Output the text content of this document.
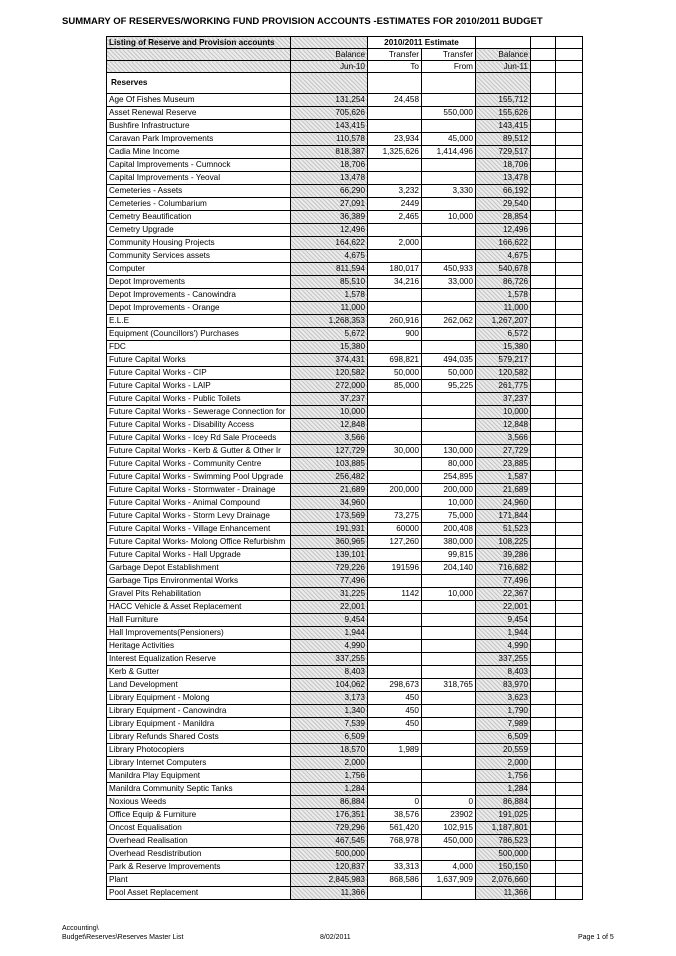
SUMMARY OF RESERVES/WORKING FUND PROVISION ACCOUNTS -ESTIMATES FOR 2010/2011 BUDGET
Listing of Reserve and Provision accounts		2010/2011 Estimate				
	Balance	Transfer	Transfer	Balance		
	Jun-10	To	From	Jun-11		
Reserves						
Age Of Fishes Museum	131,254	24,458		155,712		
Asset Renewal Reserve	705,626		550,000	155,626		
Bushfire Infrastructure	143,415			143,415		
Caravan Park Improvements	110,578	23,934	45,000	89,512		
Cadia Mine Income	818,387	1,325,626	1,414,496	729,517		
Capital Improvements - Cumnock	18,706			18,706		
Capital Improvements - Yeoval	13,478			13,478		
Cemeteries - Assets	66,290	3,232	3,330	66,192		
Cemeteries - Columbarium	27,091	2449		29,540		
Cemetry Beautification	36,389	2,465	10,000	28,854		
Cemetry Upgrade	12,496			12,496		
Community Housing Projects	164,622	2,000		166,622		
Community Services assets	4,675			4,675		
Computer	811,594	180,017	450,933	540,678		
Depot Improvements	85,510	34,216	33,000	86,726		
Depot Improvements - Canowindra	1,578			1,578		
Depot Improvements - Orange	11,000			11,000		
E.L.E	1,268,353	260,916	262,062	1,267,207		
Equipment (Councillors') Purchases	5,672	900		6,572		
FDC	15,380			15,380		
Future Capital Works	374,431	698,821	494,035	579,217		
Future Capital Works - CIP	120,582	50,000	50,000	120,582		
Future Capital Works - LAIP	272,000	85,000	95,225	261,775		
Future Capital Works - Public Toilets	37,237			37,237		
Future Capital Works - Sewerage Connection for	10,000			10,000		
Future Capital Works - Disability Access	12,848			12,848		
Future Capital Works - Icey Rd Sale Proceeds	3,566			3,566		
Future Capital Works - Kerb & Gutter & Other Ir	127,729	30,000	130,000	27,729		
Future Capital Works - Community Centre	103,885		80,000	23,885		
Future Capital Works - Swimming Pool Upgrade	256,482		254,895	1,587		
Future Capital Works - Stormwater - Drainage	21,689	200,000	200,000	21,689		
Future Capital Works - Animal Compound	34,960		10,000	24,960		
Future Capital Works - Storm Levy Drainage	173,569	73,275	75,000	171,844		
Future Capital Works - Village Enhancement	191,931	60000	200,408	51,523		
Future Capital Works- Molong Office Refurbishm	360,965	127,260	380,000	108,225		
Future Capital Works - Hall Upgrade	139,101		99,815	39,286		
Garbage Depot Establishment	729,226	191596	204,140	716,682		
Garbage Tips Environmental Works	77,496			77,496		
Gravel Pits Rehabilitation	31,225	1142	10,000	22,367		
HACC Vehicle & Asset Replacement	22,001			22,001		
Hall Furniture	9,454			9,454		
Hall Improvements(Pensioners)	1,944			1,944		
Heritage Activities	4,990			4,990		
Interest Equalization Reserve	337,255			337,255		
Kerb & Gutter	8,403			8,403		
Land Development	104,062	298,673	318,765	83,970		
Library Equipment - Molong	3,173	450		3,623		
Library Equipment - Canowindra	1,340	450		1,790		
Library Equipment - Manildra	7,539	450		7,989		
Library Refunds Shared Costs	6,509			6,509		
Library Photocopiers	18,570	1,989		20,559		
Library Internet Computers	2,000			2,000		
Manildra Play Equipment	1,756			1,756		
Manildra Community Septic Tanks	1,284			1,284		
Noxious Weeds	86,884	0	0	86,884		
Office Equip & Furniture	176,351	38,576	23902	191,025		
Oncost Equalisation	729,296	561,420	102,915	1,187,801		
Overhead Realisation	467,545	768,978	450,000	786,523		
Overhead Resdistribution	500,000			500,000		
Park & Reserve Improvements	120,837	33,313	4,000	150,150		
Plant	2,845,983	868,586	1,637,909	2,076,660		
Pool Asset Replacement	11,366			11,366		
Accounting\
Budget\Reserves\Reserves Master List	8/02/2011	Page 1 of 5
